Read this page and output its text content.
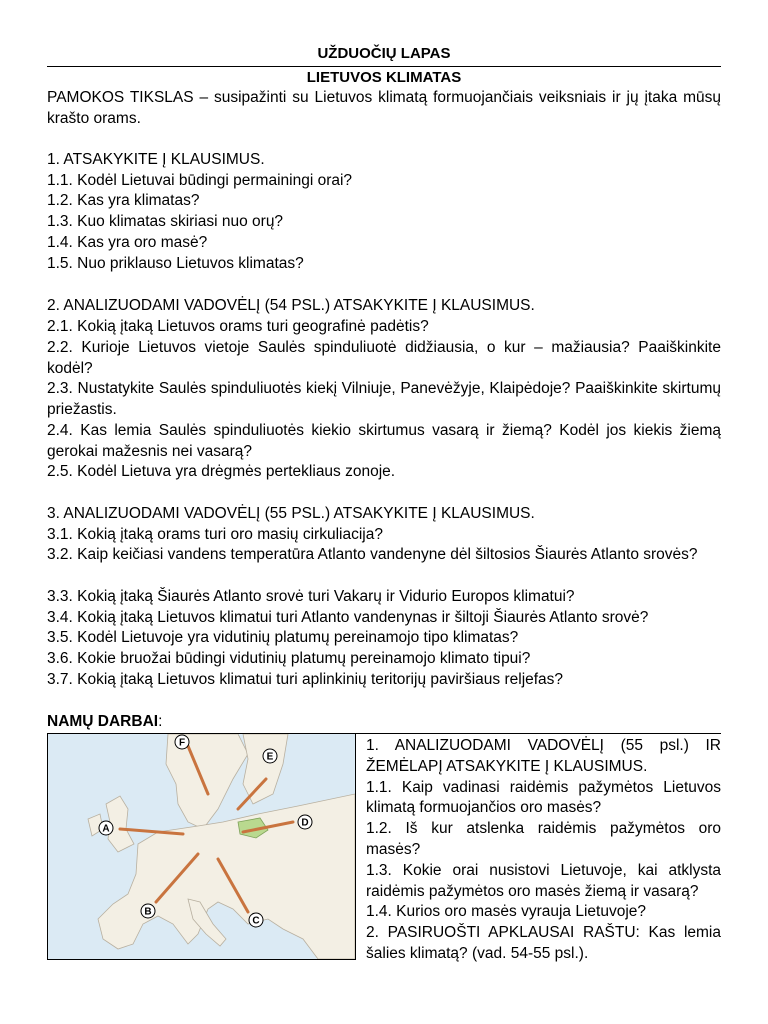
UŽDUOČIŲ LAPAS
LIETUVOS KLIMATAS
PAMOKOS TIKSLAS – susipažinti su Lietuvos klimatą formuojančiais veiksniais ir jų įtaka mūsų krašto orams.
1. ATSAKYKITE Į KLAUSIMUS.
1.1. Kodėl Lietuvai būdingi permainingi orai?
1.2. Kas yra klimatas?
1.3. Kuo klimatas skiriasi nuo orų?
1.4. Kas yra oro masė?
1.5. Nuo priklauso Lietuvos klimatas?
2. ANALIZUODAMI VADOVĖLĮ (54 PSL.) ATSAKYKITE Į KLAUSIMUS.
2.1. Kokią įtaką Lietuvos orams turi geografinė padėtis?
2.2. Kurioje Lietuvos vietoje Saulės spinduliuotė didžiausia, o kur – mažiausia? Paaiškinkite kodėl?
2.3. Nustatykite Saulės spinduliuotės kiekį Vilniuje, Panevėžyje, Klaipėdoje? Paaiškinkite skirtumų priežastis.
2.4. Kas lemia Saulės spinduliuotės kiekio skirtumus vasarą ir žiemą? Kodėl jos kiekis žiemą gerokai mažesnis nei vasarą?
2.5. Kodėl Lietuva yra drėgmės pertekliaus zonoje.
3. ANALIZUODAMI VADOVĖLĮ (55 PSL.) ATSAKYKITE Į KLAUSIMUS.
3.1. Kokią įtaką orams turi oro masių cirkuliacija?
3.2. Kaip keičiasi vandens temperatūra Atlanto vandenyne dėl šiltosios Šiaurės Atlanto srovės?
3.3. Kokią įtaką Šiaurės Atlanto srovė turi Vakarų ir Vidurio Europos klimatui?
3.4. Kokią įtaką Lietuvos klimatui turi Atlanto vandenynas ir šiltoji Šiaurės Atlanto srovė?
3.5. Kodėl Lietuvoje yra vidutinių platumų pereinamojo tipo klimatas?
3.6. Kokie bruožai būdingi vidutinių platumų pereinamojo klimato tipui?
3.7. Kokią įtaką Lietuvos klimatui turi aplinkinių teritorijų paviršiaus reljefas?
NAMŲ DARBAI:
A
B
C
D
E
F	1. ANALIZUODAMI VADOVĖLĮ (55 psl.) IR ŽEMĖLAPĮ ATSAKYKITE Į KLAUSIMUS.
1.1. Kaip vadinasi raidėmis pažymėtos Lietuvos klimatą formuojančios oro masės?
1.2. Iš kur atslenka raidėmis pažymėtos oro masės?
1.3. Kokie orai nusistovi Lietuvoje, kai atklysta raidėmis pažymėtos oro masės žiemą ir vasarą?
1.4. Kurios oro masės vyrauja Lietuvoje?
2. PASIRUOŠTI APKLAUSAI RAŠTU: Kas lemia šalies klimatą? (vad. 54-55 psl.).
